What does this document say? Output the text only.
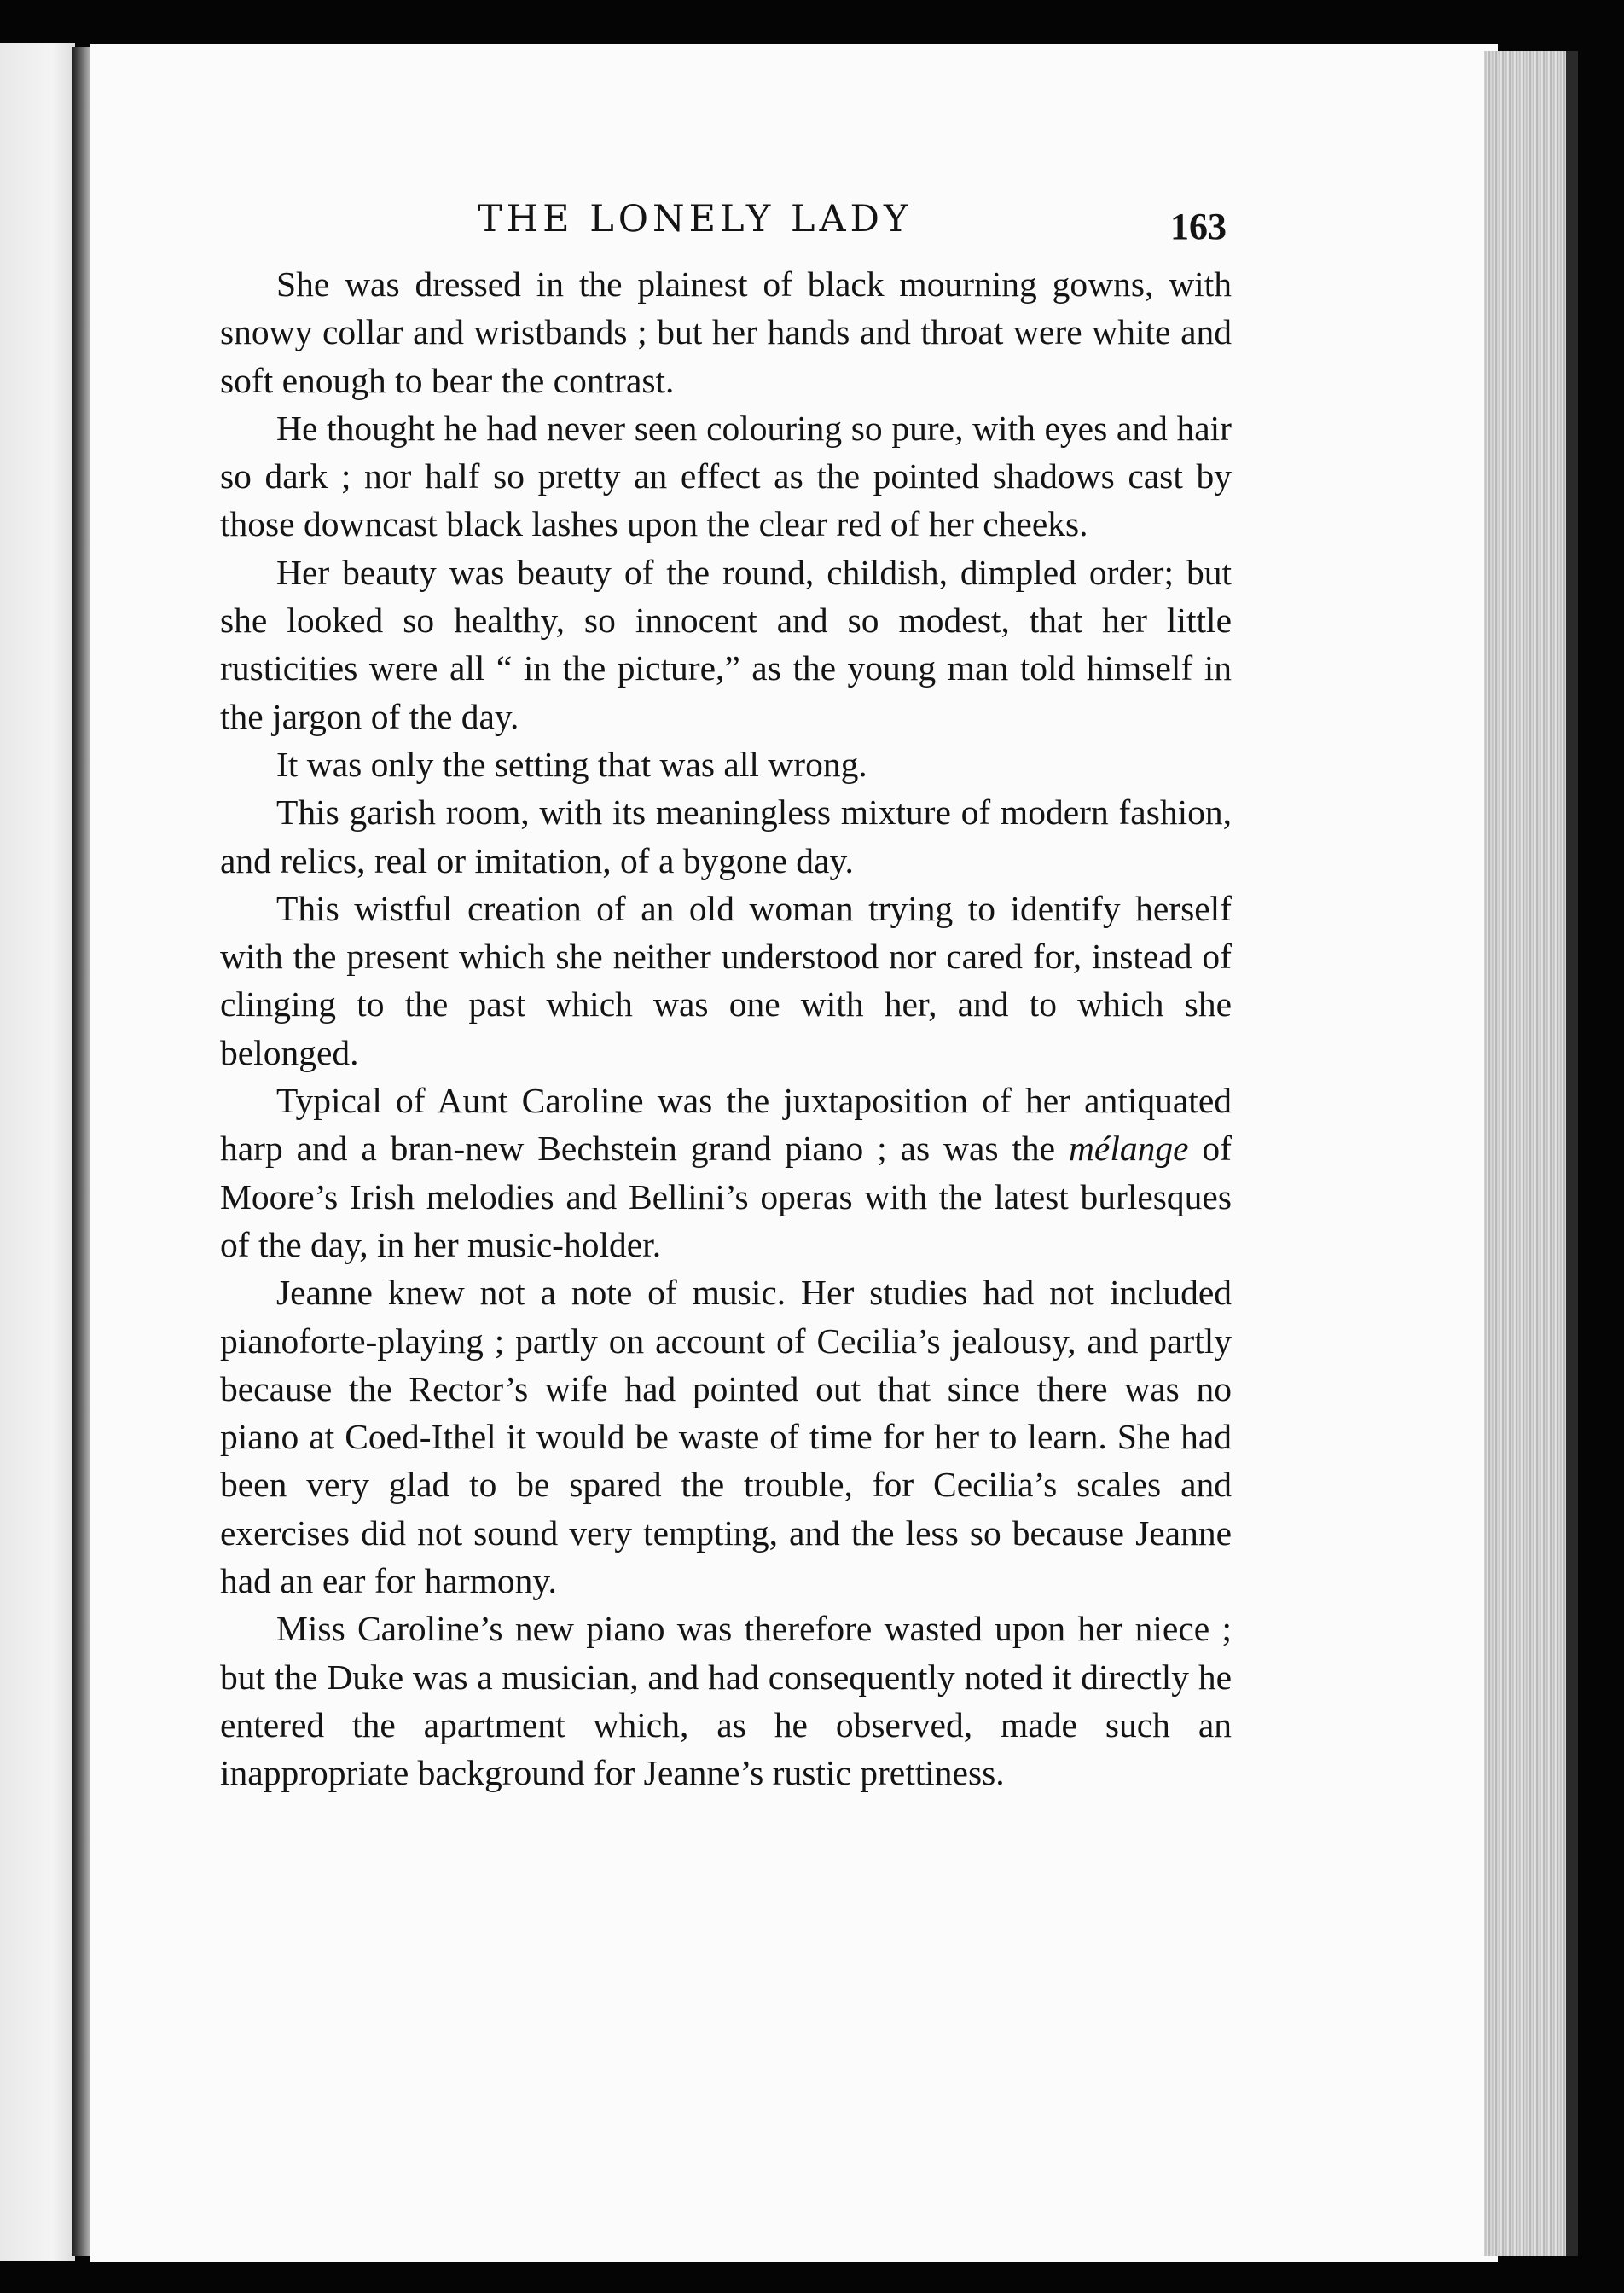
THE LONELY LADY	163

She was dressed in the plainest of black mourning gowns, with snowy collar and wristbands ; but her hands and throat were white and soft enough to bear the contrast.

He thought he had never seen colouring so pure, with eyes and hair so dark ; nor half so pretty an effect as the pointed shadows cast by those downcast black lashes upon the clear red of her cheeks.

Her beauty was beauty of the round, childish, dimpled order; but she looked so healthy, so innocent and so modest, that her little rusticities were all “ in the picture,” as the young man told himself in the jargon of the day.

It was only the setting that was all wrong.

This garish room, with its meaningless mixture of modern fashion, and relics, real or imitation, of a bygone day.

This wistful creation of an old woman trying to identify herself with the present which she neither understood nor cared for, instead of clinging to the past which was one with her, and to which she belonged.

Typical of Aunt Caroline was the juxtaposition of her antiquated harp and a bran-new Bechstein grand piano ; as was the mélange of Moore’s Irish melodies and Bellini’s operas with the latest burlesques of the day, in her music-holder.

Jeanne knew not a note of music. Her studies had not included pianoforte-playing ; partly on account of Cecilia’s jealousy, and partly because the Rector’s wife had pointed out that since there was no piano at Coed-Ithel it would be waste of time for her to learn. She had been very glad to be spared the trouble, for Cecilia’s scales and exercises did not sound very tempting, and the less so because Jeanne had an ear for harmony.

Miss Caroline’s new piano was therefore wasted upon her niece ; but the Duke was a musician, and had consequently noted it directly he entered the apartment which, as he observed, made such an inappropriate background for Jeanne’s rustic prettiness.
